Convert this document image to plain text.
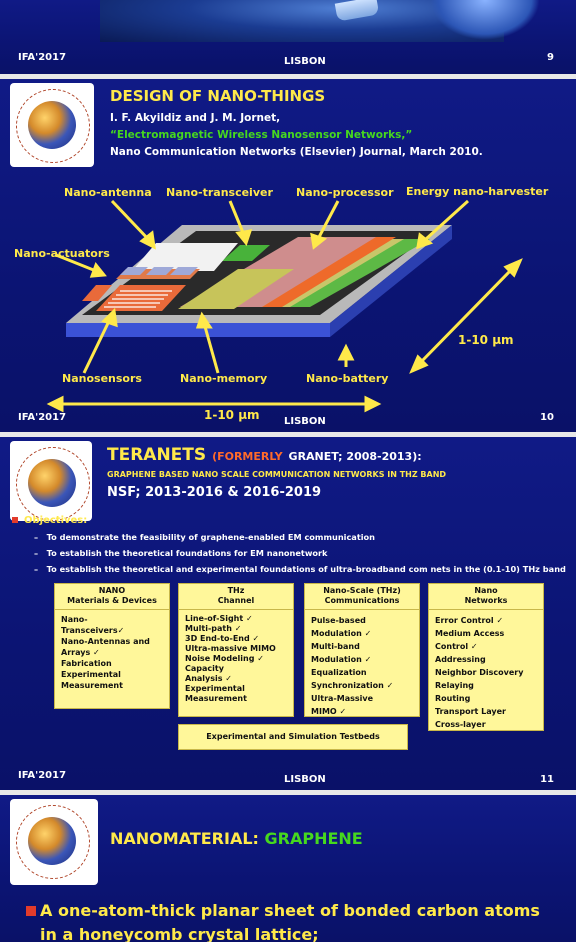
IFA'2017	LISBON	9
DESIGN OF NANO-THINGS
I. F. Akyildiz and J. M. Jornet,
“Electromagnetic Wireless Nanosensor Networks,”
Nano Communication Networks (Elsevier) Journal, March 2010.
Nano-antenna Nano-transceiver Nano-processor Energy nano-harvester
Nano-actuators
Nanosensors	Nano-memory	Nano-battery
1-10 μm
1-10 μm
IFA'2017	LISBON	10
TERANETS (FORMERLY GRANET; 2008-2013):
GRAPHENE BASED NANO SCALE COMMUNICATION NETWORKS IN THZ BAND
NSF; 2013-2016 & 2016-2019
Objectives:
–   To demonstrate the feasibility of graphene-enabled EM communication
–   To establish the theoretical foundations for EM nanonetwork
–   To establish the theoretical and experimental foundations of ultra-broadband com nets in the (0.1-10) THz band
NANO
Materials & Devices
Nano-
Transceivers✓
Nano-Antennas and
Arrays ✓
Fabrication
Experimental
Measurement
THz
Channel
Line-of-Sight ✓
Multi-path ✓
3D End-to-End ✓
Ultra-massive MIMO
Noise Modeling ✓
Capacity
Analysis ✓
Experimental
Measurement
Nano-Scale (THz)
Communications
Pulse-based
Modulation ✓
Multi-band
Modulation ✓
Equalization
Synchronization ✓
Ultra-Massive
MIMO ✓
Nano
Networks
Error Control ✓
Medium Access
Control ✓
Addressing
Neighbor Discovery
Relaying
Routing
Transport Layer
Cross-layer
Experimental and Simulation Testbeds
IFA'2017	LISBON	11
NANOMATERIAL: GRAPHENE
A one-atom-thick planar sheet of bonded carbon atoms
in a honeycomb crystal lattice;
